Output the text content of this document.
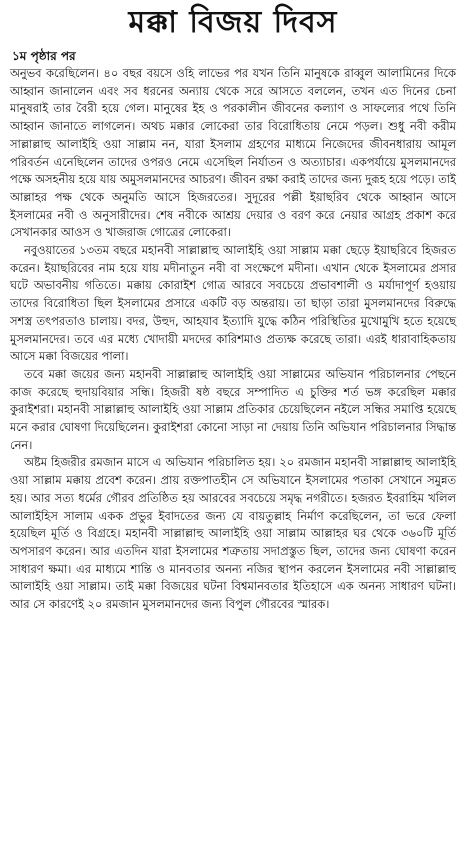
মক্কা বিজয় দিবস
১ম পৃষ্ঠার পর

অনুভব করেছিলেন। ৪০ বছর বয়সে ওহি লাভের পর যখন তিনি মানুষকে রাব্বুল আলামিনের দিকে আহ্বান জানালেন এবং সব ধরনের অন্যায় থেকে সরে আসতে বললেন, তখন এত দিনের চেনা মানুষরাই তার বৈরী হয়ে গেল। মানুষের ইহ ও পরকালীন জীবনের কল্যাণ ও সাফল্যের পথে তিনি আহ্বান জানাতে লাগলেন। অথচ মক্কার লোকেরা তার বিরোধিতায় নেমে পড়ল। শুধু নবী করীম সাল্লাল্লাহু আলাইহি ওয়া সাল্লাম নন, যারা ইসলাম গ্রহণের মাধ্যমে নিজেদের জীবনধারায় আমূল পরিবর্তন এনেছিলেন তাদের ওপরও নেমে এসেছিল নির্যাতন ও অত্যাচার। একপর্যায়ে মুসলমানদের পক্ষে অসহনীয় হয়ে যায় অমুসলমানদের আচরণ। জীবন রক্ষা করাই তাদের জন্য দুরূহ হয়ে পড়ে। তাই আল্লাহর পক্ষ থেকে অনুমতি আসে হিজরতের। সুদূরের পল্লী ইয়াছরিব থেকে আহ্বান আসে ইসলামের নবী ও অনুসারীদের। শেষ নবীকে আশ্রয় দেয়ার ও বরণ করে নেয়ার আগ্রহ প্রকাশ করে সেখানকার আওস ও খাজরাজ গোত্রের লোকেরা।

নবুওয়াতের ১৩তম বছরে মহানবী সাল্লাল্লাহু আলাইহি ওয়া সাল্লাম মক্কা ছেড়ে ইয়াছরিবে হিজরত করেন। ইয়াছরিবের নাম হয়ে যায় মদীনাতুন নবী বা সংক্ষেপে মদীনা। এখান থেকে ইসলামের প্রসার ঘটে অভাবনীয় গতিতে। মক্কায় কোরাইশ গোত্র আরবে সবচেয়ে প্রভাবশালী ও মর্যাদাপূর্ণ হওয়ায় তাদের বিরোধিতা ছিল ইসলামের প্রসারে একটি বড় অন্তরায়। তা ছাড়া তারা মুসলমানদের বিরুদ্ধে সশস্ত্র তৎপরতাও চালায়। বদর, উহুদ, আহযাব ইত্যাদি যুদ্ধে কঠিন পরিস্থিতির মুখোমুখি হতে হয়েছে মুসলমানদের। তবে এর মধ্যে খোদায়ী মদদের কারিশমাও প্রত্যক্ষ করেছে তারা। এরই ধারাবাহিকতায় আসে মক্কা বিজয়ের পালা।

তবে মক্কা জয়ের জন্য মহানবী সাল্লাল্লাহু আলাইহি ওয়া সাল্লামের অভিযান পরিচালনার পেছনে কাজ করেছে হুদায়বিয়ার সন্ধি। হিজরী ষষ্ঠ বছরে সম্পাদিত এ চুক্তির শর্ত ভঙ্গ করেছিল মক্কার কুরাইশরা। মহানবী সাল্লাল্লাহু আলাইহি ওয়া সাল্লাম প্রতিকার চেয়েছিলেন নইলে সন্ধির সমাপ্তি হয়েছে মনে করার ঘোষণা দিয়েছিলেন। কুরাইশরা কোনো সাড়া না দেয়ায় তিনি অভিযান পরিচালনার সিদ্ধান্ত নেন।

অষ্টম হিজরীর রমজান মাসে এ অভিযান পরিচালিত হয়। ২০ রমজান মহানবী সাল্লাল্লাহু আলাইহি ওয়া সাল্লাম মক্কায় প্রবেশ করেন। প্রায় রক্তপাতহীন সে অভিযানে ইসলামের পতাকা সেখানে সমুন্নত হয়। আর সত্য ধর্মের গৌরব প্রতিষ্ঠিত হয় আরবের সবচেয়ে সমৃদ্ধ নগরীতে। হজরত ইবরাহিম খলিল আলাইহিস সালাম একক প্রভুর ইবাদতের জন্য যে বায়তুল্লাহ নির্মাণ করেছিলেন, তা ভরে ফেলা হয়েছিল মূর্তি ও বিগ্রহে। মহানবী সাল্লাল্লাহু আলাইহি ওয়া সাল্লাম আল্লাহর ঘর থেকে ৩৬০টি মূর্তি অপসারণ করেন। আর এতদিন যারা ইসলামের শত্রুতায় সদাপ্রস্তুত ছিল, তাদের জন্য ঘোষণা করেন সাধারণ ক্ষমা। এর মাধ্যমে শান্তি ও মানবতার অনন্য নজির স্থাপন করলেন ইসলামের নবী সাল্লাল্লাহু আলাইহি ওয়া সাল্লাম। তাই মক্কা বিজয়ের ঘটনা বিশ্বমানবতার ইতিহাসে এক অনন্য সাধারণ ঘটনা। আর সে কারণেই ২০ রমজান মুসলমানদের জন্য বিপুল গৌরবের স্মারক।
